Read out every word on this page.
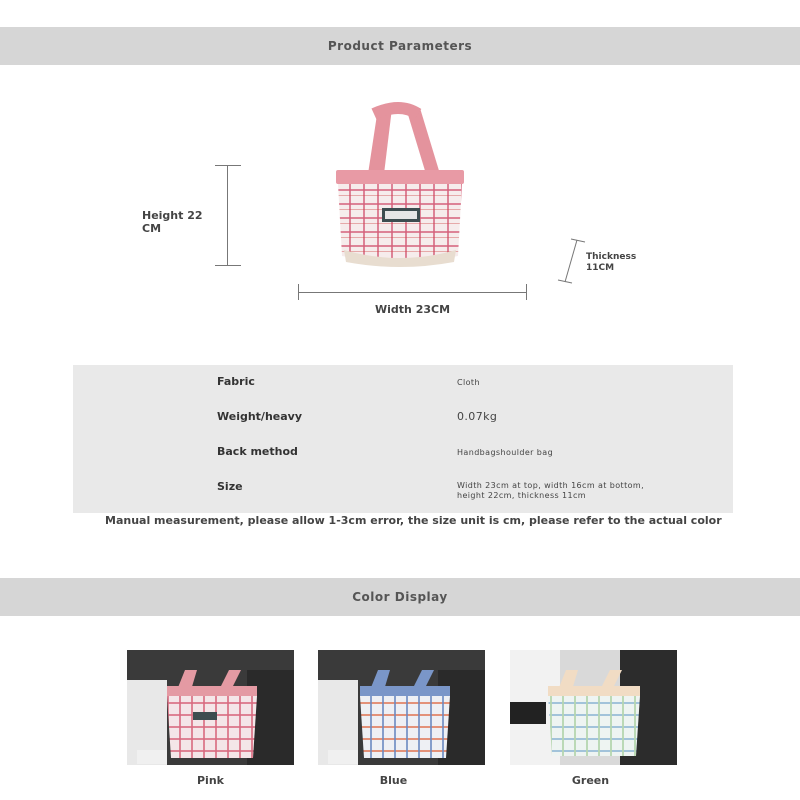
Product Parameters
Height 22
CM
Width 23CM
Thickness
11CM
Fabric	Cloth
Weight/heavy	0.07kg
Back method	Handbagshoulder bag
Size	Width 23cm at top, width 16cm at bottom,
height 22cm, thickness 11cm
Manual measurement, please allow 1-3cm error, the size unit is cm, please refer to the actual color
Color Display
Pink	Blue	Green
